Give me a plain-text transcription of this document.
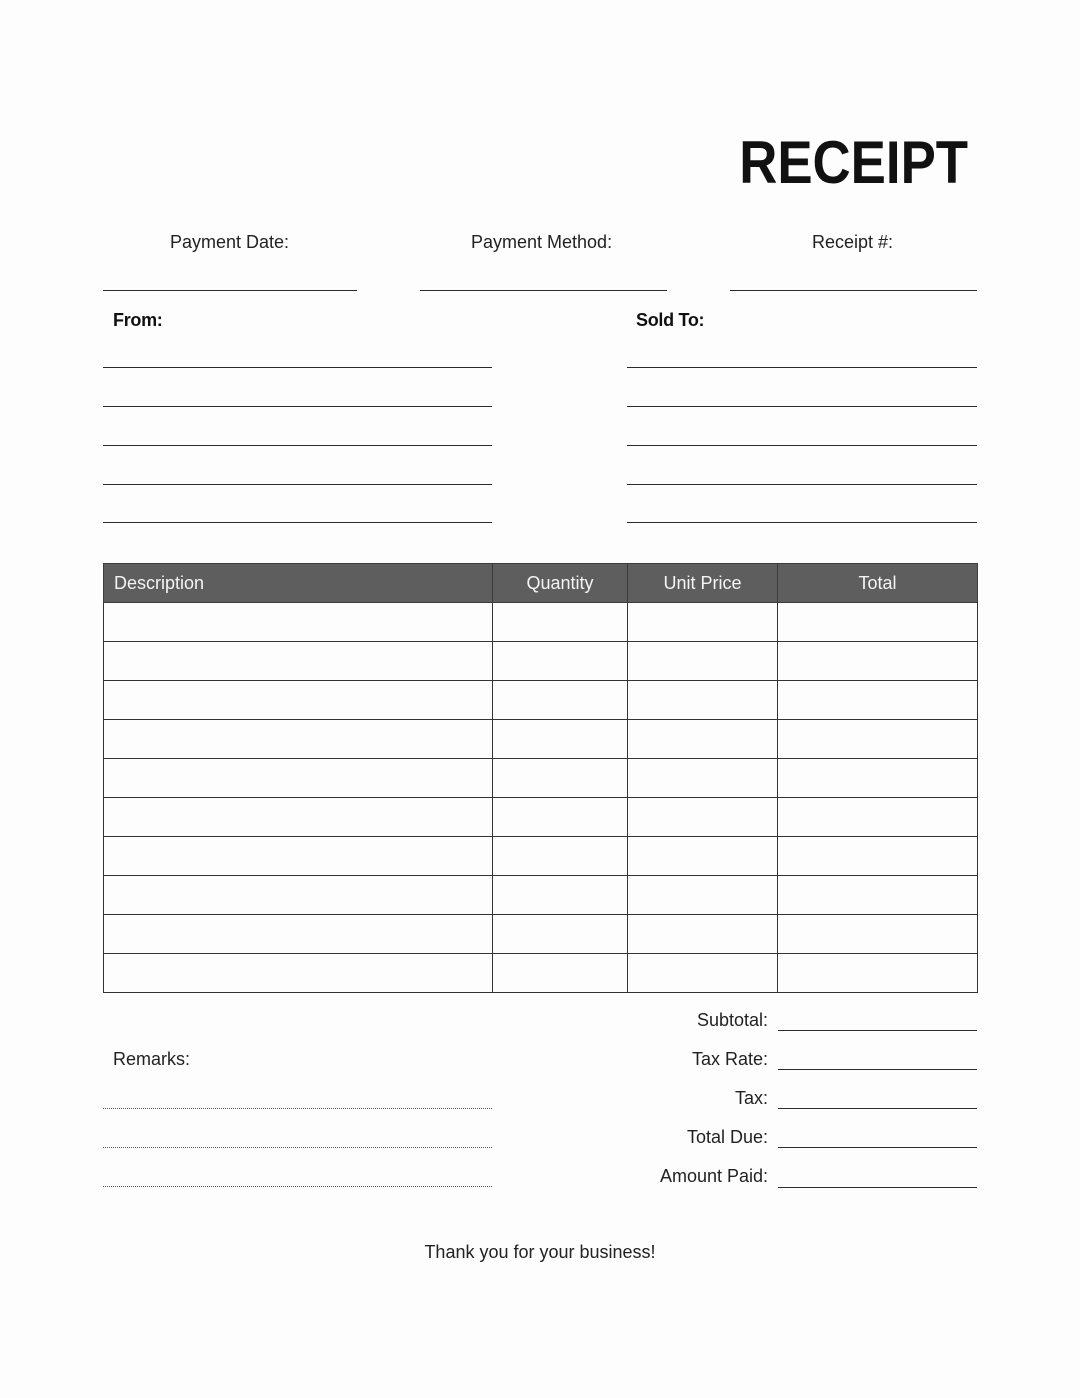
RECEIPT
Payment Date:	Payment Method:	Receipt #:
From:	Sold To:
Description	Quantity	Unit Price	Total

Remarks:
Subtotal:
Tax Rate:
Tax:
Total Due:
Amount Paid:
Thank you for your business!
